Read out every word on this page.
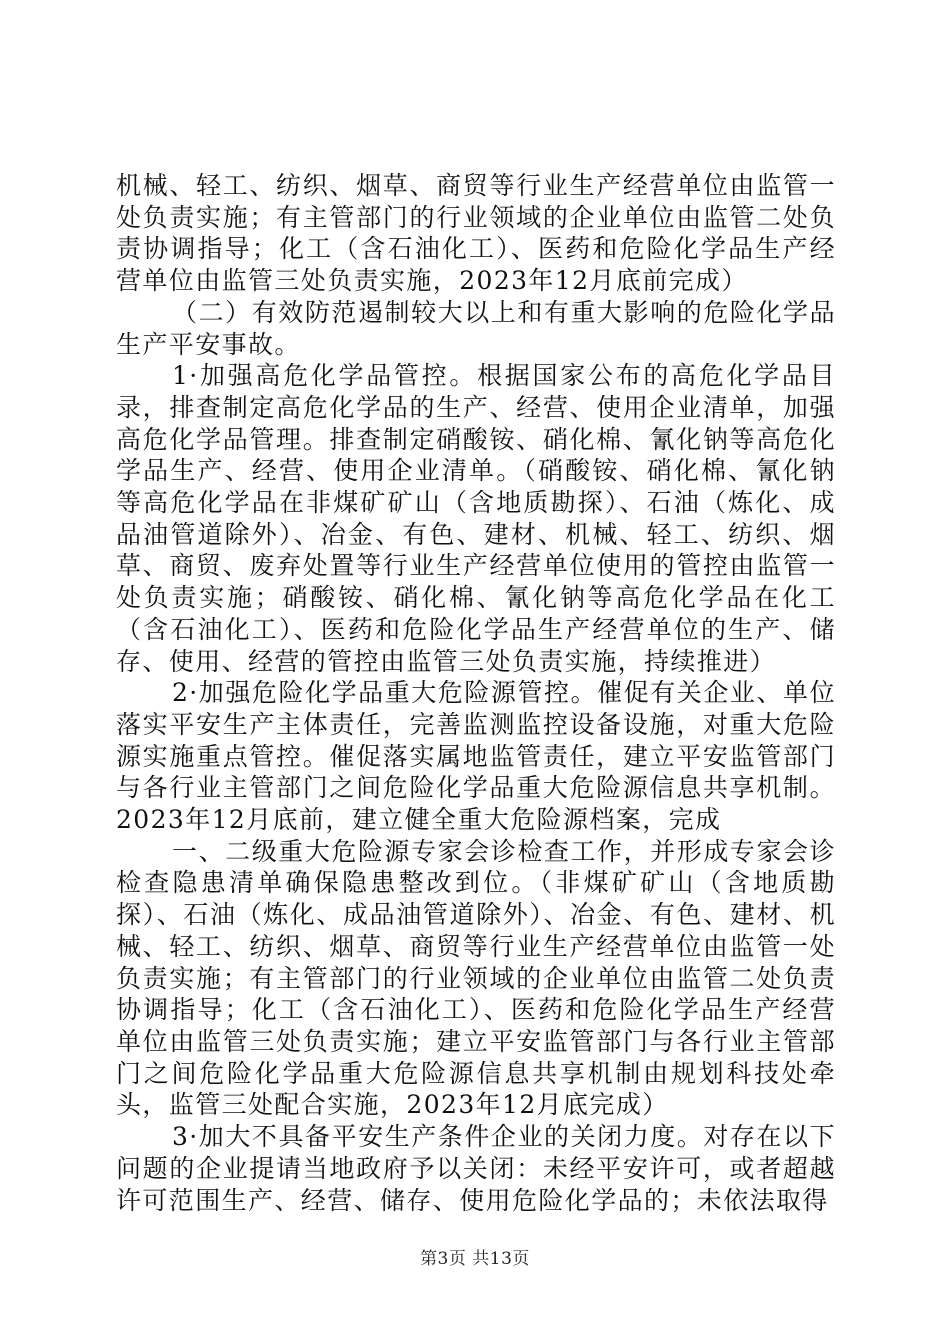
机械、轻工、纺织、烟草、商贸等行业生产经营单位由监管一处负责实施；有主管部门的行业领域的企业单位由监管二处负责协调指导；化工（含石油化工）、医药和危险化学品生产经营单位由监管三处负责实施，2023年12月底前完成）

（二）有效防范遏制较大以上和有重大影响的危险化学品生产平安事故。

1·加强高危化学品管控。根据国家公布的高危化学品目录，排查制定高危化学品的生产、经营、使用企业清单，加强高危化学品管理。排查制定硝酸铵、硝化棉、氰化钠等高危化学品生产、经营、使用企业清单。（硝酸铵、硝化棉、氰化钠等高危化学品在非煤矿矿山（含地质勘探）、石油（炼化、成品油管道除外）、冶金、有色、建材、机械、轻工、纺织、烟草、商贸、废弃处置等行业生产经营单位使用的管控由监管一处负责实施；硝酸铵、硝化棉、氰化钠等高危化学品在化工（含石油化工）、医药和危险化学品生产经营单位的生产、储存、使用、经营的管控由监管三处负责实施，持续推进）

2·加强危险化学品重大危险源管控。催促有关企业、单位落实平安生产主体责任，完善监测监控设备设施，对重大危险源实施重点管控。催促落实属地监管责任，建立平安监管部门与各行业主管部门之间危险化学品重大危险源信息共享机制。2023年12月底前，建立健全重大危险源档案，完成

一、二级重大危险源专家会诊检查工作，并形成专家会诊检查隐患清单确保隐患整改到位。（非煤矿矿山（含地质勘探）、石油（炼化、成品油管道除外）、冶金、有色、建材、机械、轻工、纺织、烟草、商贸等行业生产经营单位由监管一处负责实施；有主管部门的行业领域的企业单位由监管二处负责协调指导；化工（含石油化工）、医药和危险化学品生产经营单位由监管三处负责实施；建立平安监管部门与各行业主管部门之间危险化学品重大危险源信息共享机制由规划科技处牵头，监管三处配合实施，2023年12月底完成）

3·加大不具备平安生产条件企业的关闭力度。对存在以下问题的企业提请当地政府予以关闭：未经平安许可，或者超越许可范围生产、经营、储存、使用危险化学品的；未依法取得

第3页 共13页
